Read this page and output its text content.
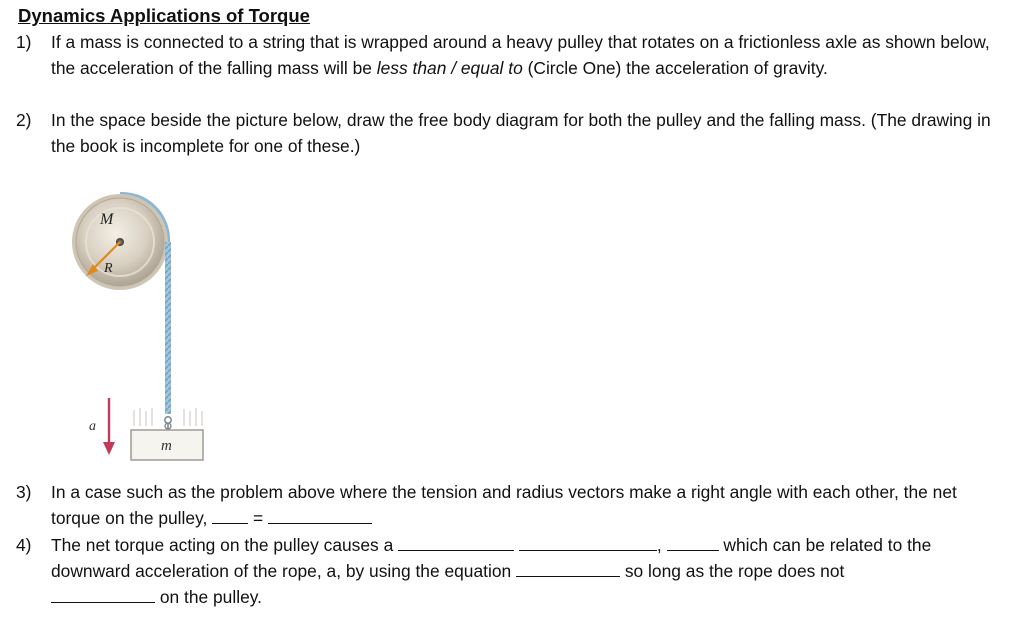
Dynamics Applications of Torque
1)	If a mass is connected to a string that is wrapped around a heavy pulley that rotates on a frictionless axle as shown below, the acceleration of the falling mass will be less than / equal to (Circle One) the acceleration of gravity.
2)	In the space beside the picture below, draw the free body diagram for both the pulley and the falling mass. (The drawing in the book is incomplete for one of these.)
M
R
m
a
3)	In a case such as the problem above where the tension and radius vectors make a right angle with each other, the net torque on the pulley,  =
4)	The net torque acting on the pulley causes a	,	which can be related to the downward acceleration of the rope, a, by using the equation	so long as the rope does not
on the pulley.
